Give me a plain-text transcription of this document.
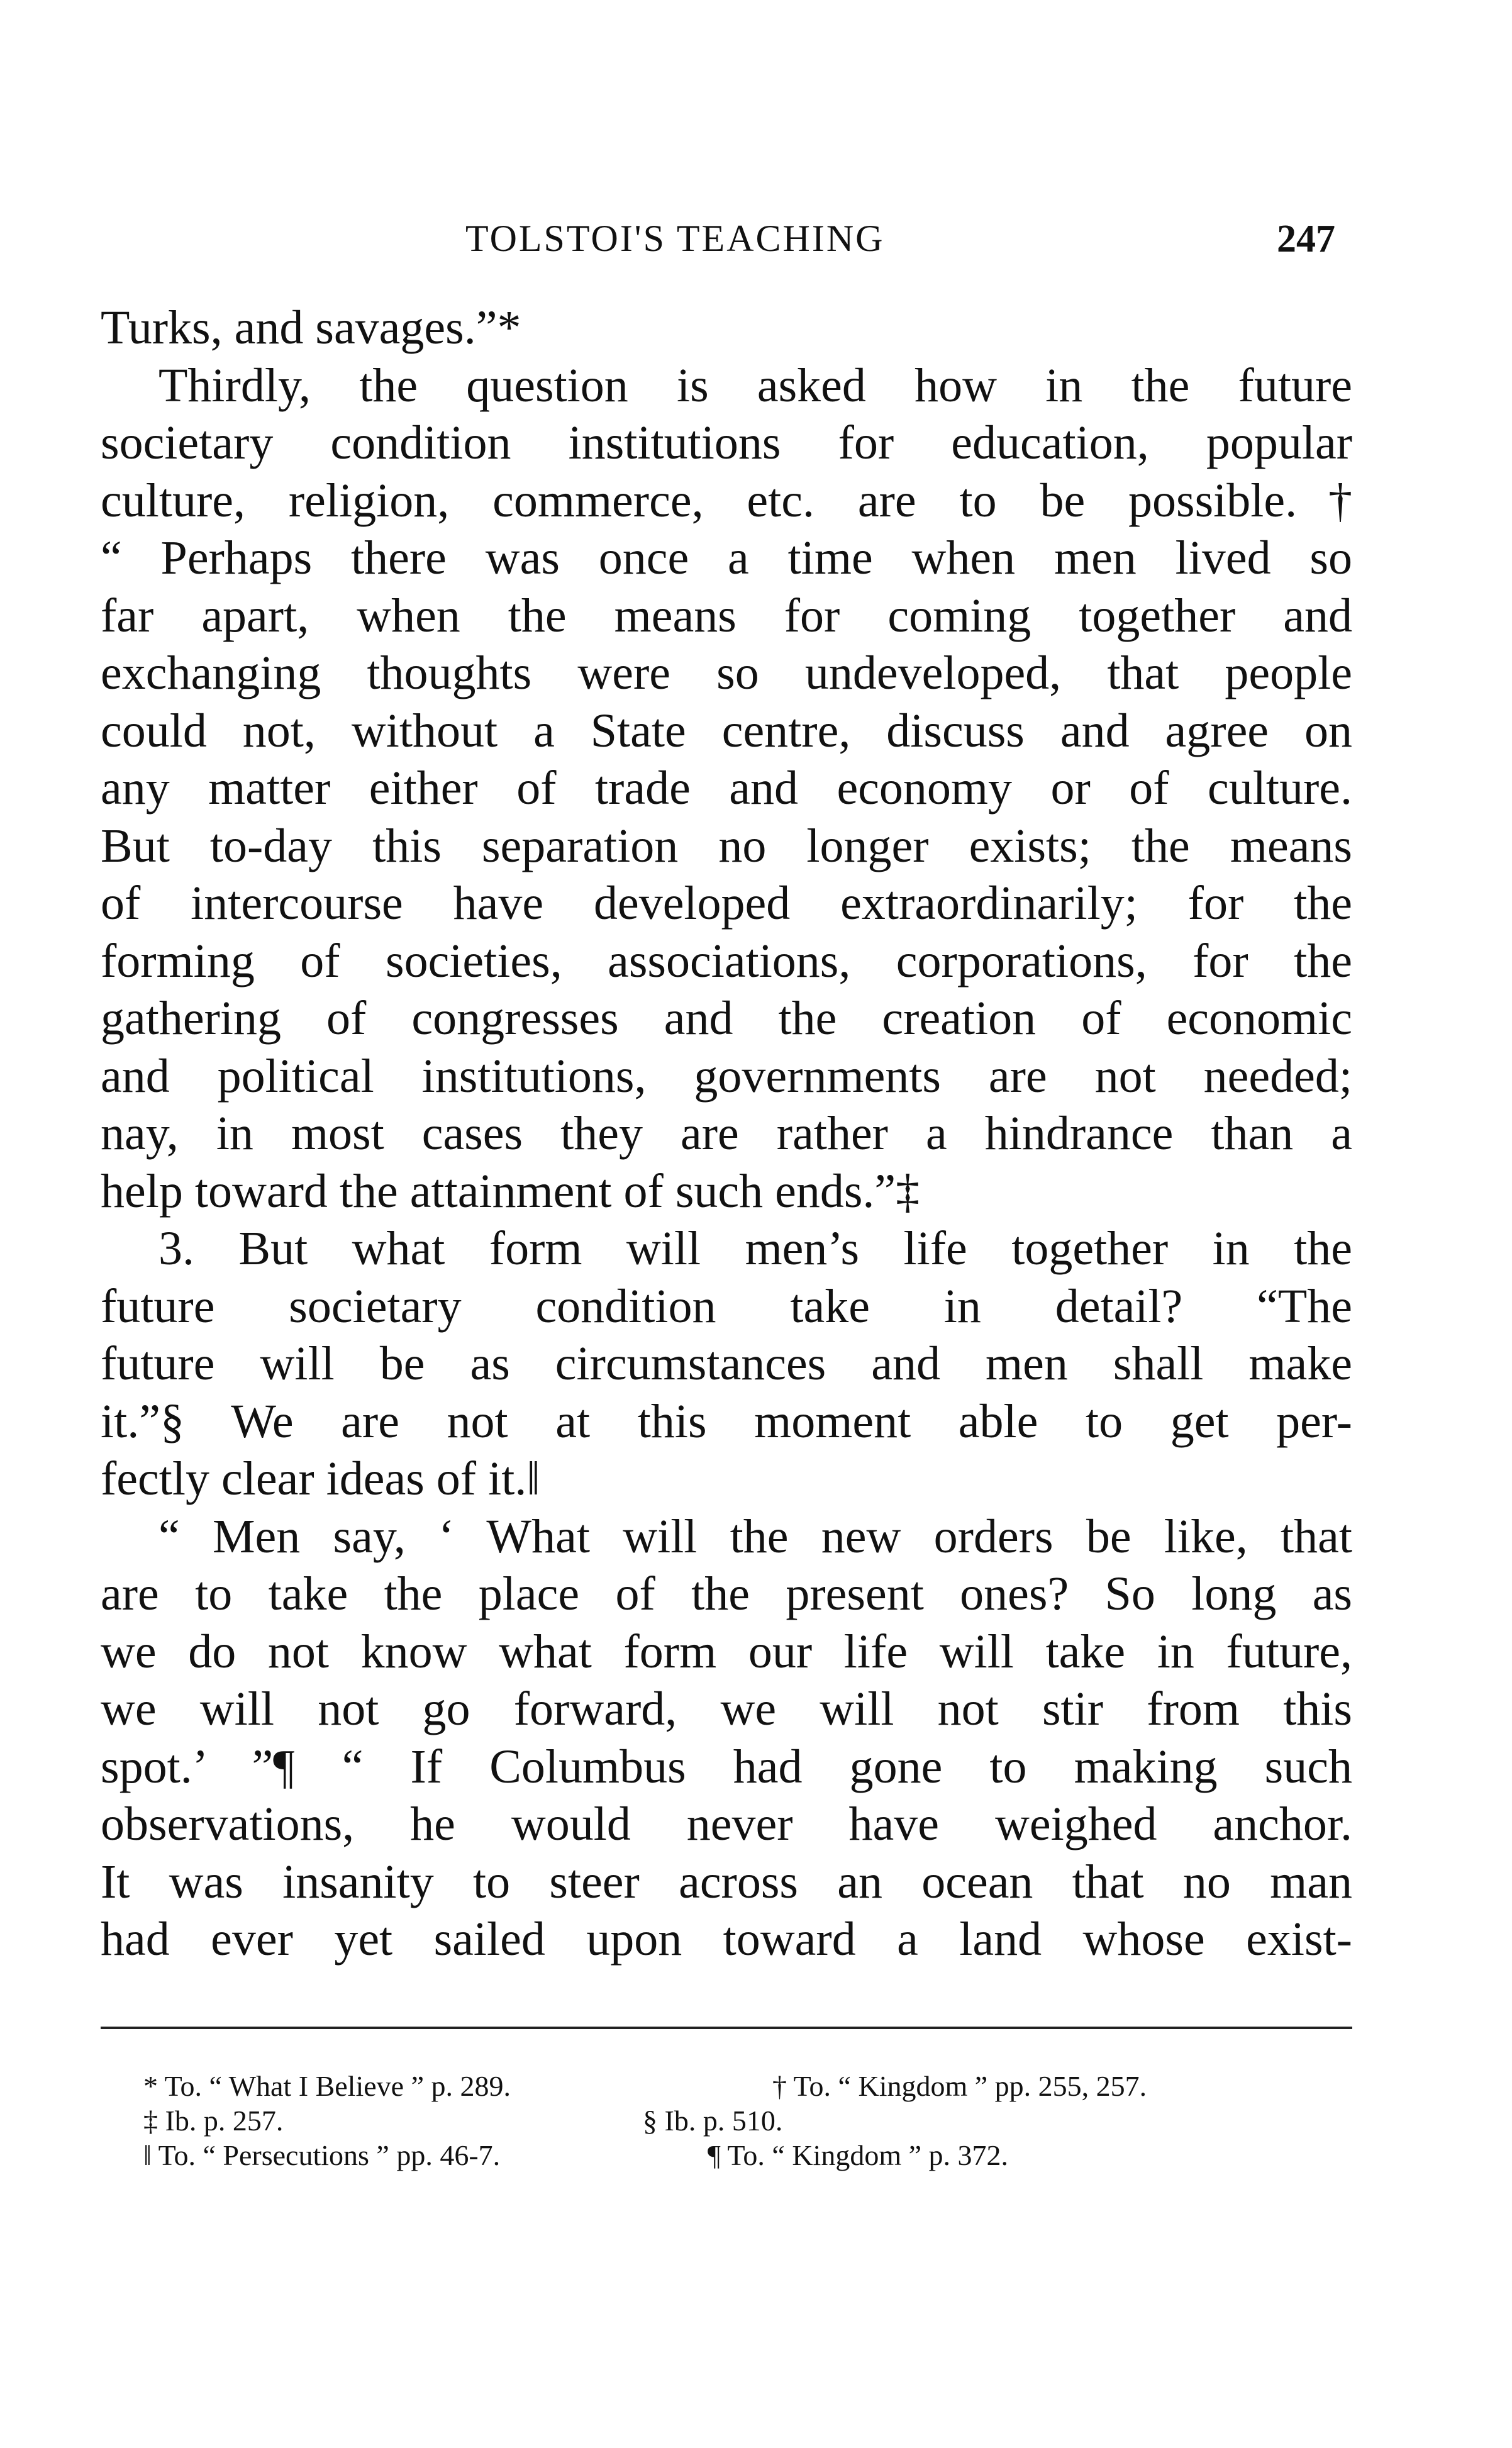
TOLSTOI'S TEACHING	247
Turks, and savages.”*
Thirdly, the question is asked how in the future
societary condition institutions for education, popular
culture, religion, commerce, etc. are to be possible.†
“ Perhaps there was once a time when men lived so
far apart, when the means for coming together and
exchanging thoughts were so undeveloped, that people
could not, without a State centre, discuss and agree on
any matter either of trade and economy or of culture.
But to-day this separation no longer exists; the means
of intercourse have developed extraordinarily; for the
forming of societies, associations, corporations, for the
gathering of congresses and the creation of economic
and political institutions, governments are not needed;
nay, in most cases they are rather a hindrance than a
help toward the attainment of such ends.”‡
3. But what form will men’s life together in the
future societary condition take in detail? “The
future will be as circumstances and men shall make
it.”§ We are not at this moment able to get per-
fectly clear ideas of it.‖
“ Men say, ‘ What will the new orders be like, that
are to take the place of the present ones? So long as
we do not know what form our life will take in future,
we will not go forward, we will not stir from this
spot.’ ”¶ “ If Columbus had gone to making such
observations, he would never have weighed anchor.
It was insanity to steer across an ocean that no man
had ever yet sailed upon toward a land whose exist-
* To. “ What I Believe ” p. 289.	† To. “ Kingdom ” pp. 255, 257.
‡ Ib. p. 257.	§ Ib. p. 510.
‖ To. “ Persecutions ” pp. 46-7.	¶ To. “ Kingdom ” p. 372.
